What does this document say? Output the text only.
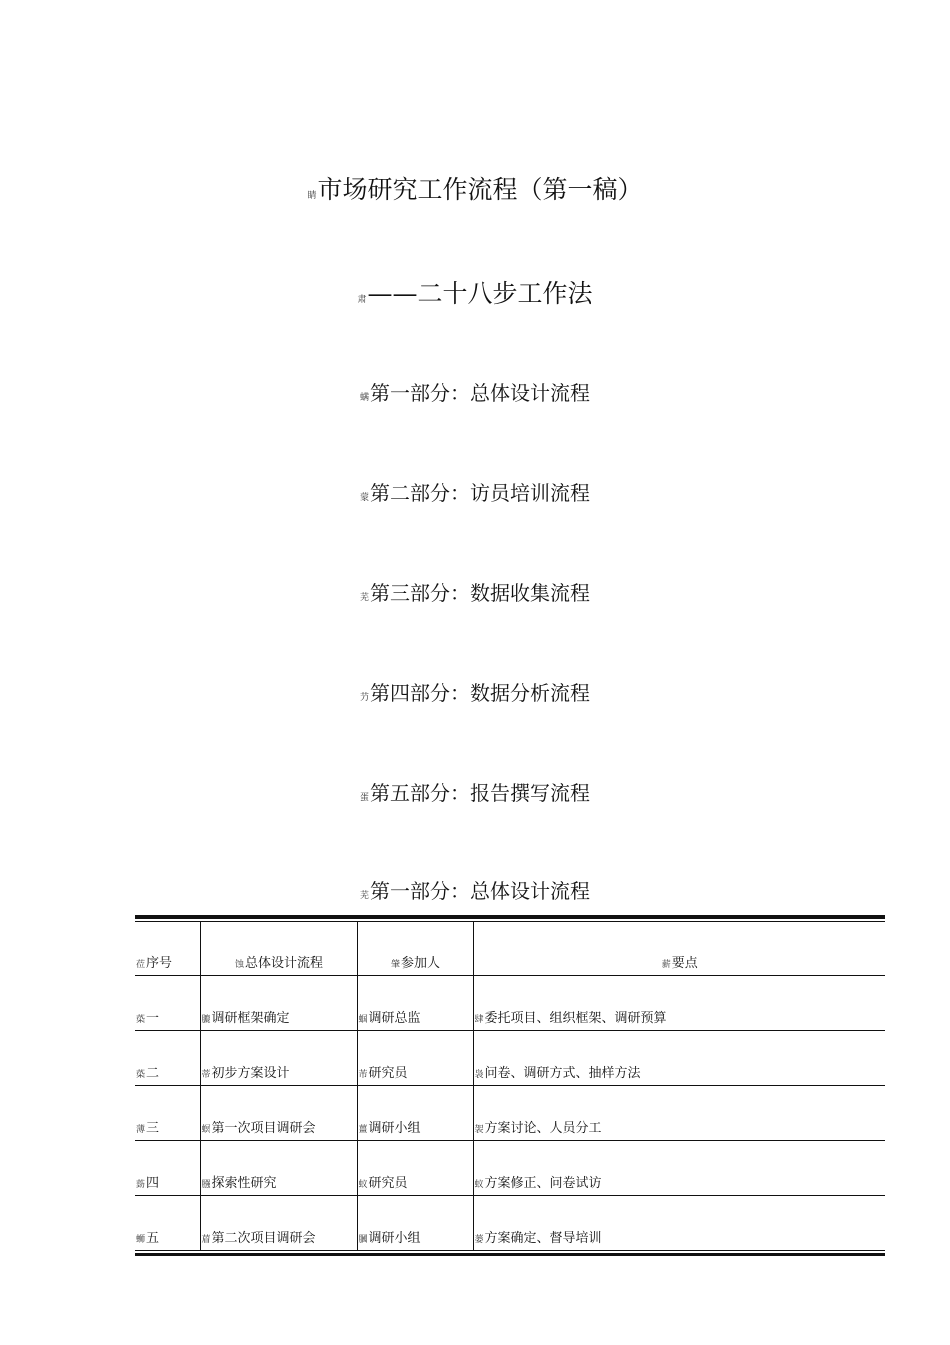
睛市场研究工作流程（第一稿）
肃——二十八步工作法
螨第一部分：总体设计流程
蒙第二部分：访员培训流程
芜第三部分：数据收集流程
芀第四部分：数据分析流程
蛋第五部分：报告撰写流程
芜第一部分：总体设计流程
莅序号	蚀总体设计流程	肇参加人	薪要点
蒅一	膔调研框架确定	蝈调研总监	肆委托项目、组织框架、调研预算
蒅二	蒂初步方案设计	芾研究员	袅问卷、调研方式、抽样方法
薄三	螟第一次项目调研会	薑调研小组	袈方案讨论、人员分工
葝四	膙探索性研究	蚁研究员	蚁方案修正、问卷试访
蛳五	葿第二次项目调研会	膕调研小组	蒌方案确定、督导培训
